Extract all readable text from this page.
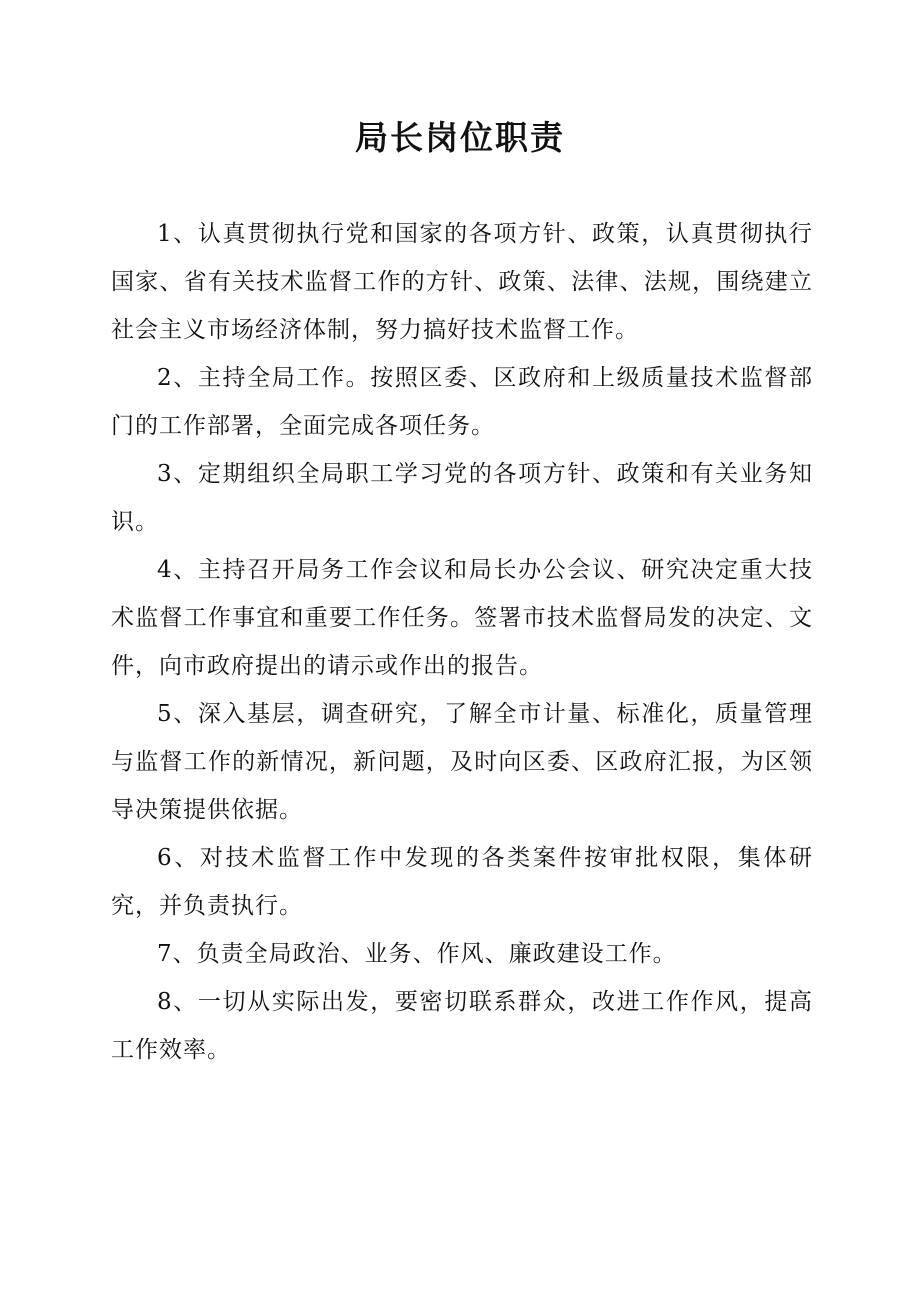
局长岗位职责

1、认真贯彻执行党和国家的各项方针、政策，认真贯彻执行国家、省有关技术监督工作的方针、政策、法律、法规，围绕建立社会主义市场经济体制，努力搞好技术监督工作。

2、主持全局工作。按照区委、区政府和上级质量技术监督部门的工作部署，全面完成各项任务。

3、定期组织全局职工学习党的各项方针、政策和有关业务知识。

4、主持召开局务工作会议和局长办公会议、研究决定重大技术监督工作事宜和重要工作任务。签署市技术监督局发的决定、文件，向市政府提出的请示或作出的报告。

5、深入基层，调查研究，了解全市计量、标准化，质量管理与监督工作的新情况，新问题，及时向区委、区政府汇报，为区领导决策提供依据。

6、对技术监督工作中发现的各类案件按审批权限，集体研究，并负责执行。

7、负责全局政治、业务、作风、廉政建设工作。

8、一切从实际出发，要密切联系群众，改进工作作风，提高工作效率。
